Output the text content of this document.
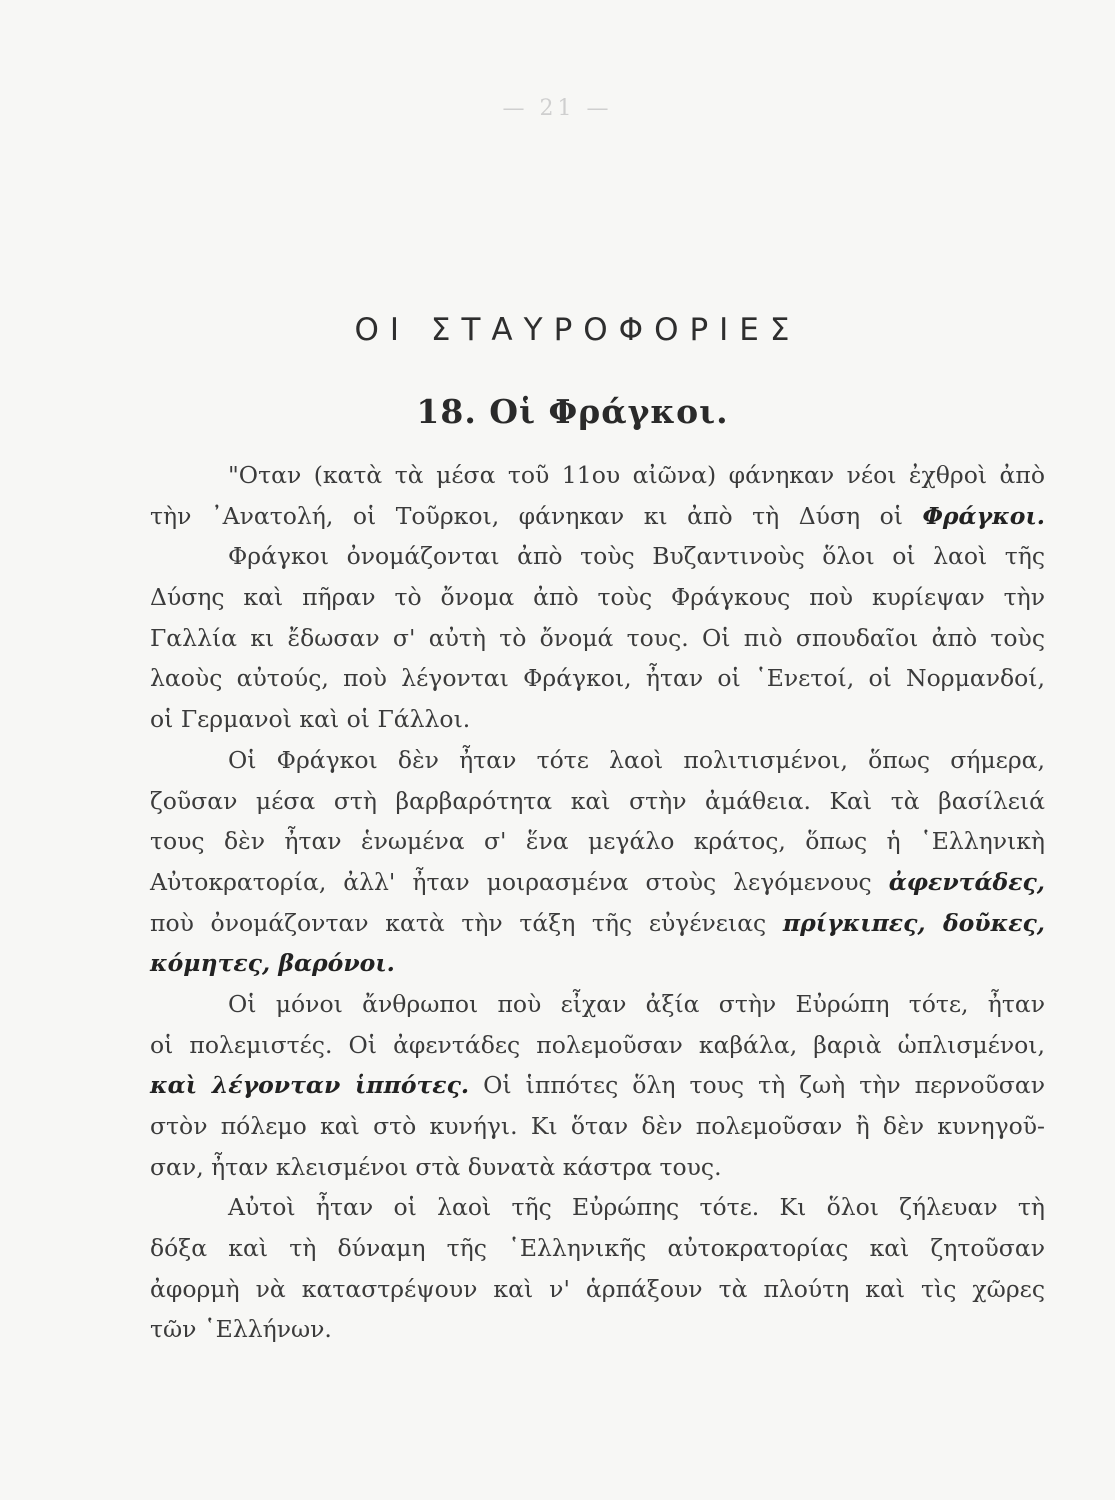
— 21 —
ΟΙ ΣΤΑΥΡΟΦΟΡΙΕΣ
18. Οἱ Φράγκοι.
"Οταν (κατὰ τὰ μέσα τοῦ 11ου αἰῶνα) φάνηκαν νέοι ἐχθροὶ ἀπὸ
τὴν ᾿Ανατολή, οἱ Τοῦρκοι, φάνηκαν κι ἀπὸ τὴ Δύση οἱ Φράγκοι.
Φράγκοι ὀνομάζονται ἀπὸ τοὺς Βυζαντινοὺς ὅλοι οἱ λαοὶ τῆς
Δύσης καὶ πῆραν τὸ ὄνομα ἀπὸ τοὺς Φράγκους ποὺ κυρίεψαν τὴν
Γαλλία κι ἔδωσαν σ' αὐτὴ τὸ ὄνομά τους. Οἱ πιὸ σπουδαῖοι ἀπὸ τοὺς
λαοὺς αὐτούς, ποὺ λέγονται Φράγκοι, ἦταν οἱ ῾Ενετοί, οἱ Νορμανδοί,
οἱ Γερμανοὶ καὶ οἱ Γάλλοι.
Οἱ Φράγκοι δὲν ἦταν τότε λαοὶ πολιτισμένοι, ὅπως σήμερα,
ζοῦσαν μέσα στὴ βαρβαρότητα καὶ στὴν ἀμάθεια. Καὶ τὰ βασίλειά
τους δὲν ἦταν ἑνωμένα σ' ἕνα μεγάλο κράτος, ὅπως ἡ ῾Ελληνικὴ
Αὐτοκρατορία, ἀλλ' ἦταν μοιρασμένα στοὺς λεγόμενους ἀφεντάδες,
ποὺ ὀνομάζονταν κατὰ τὴν τάξη τῆς εὐγένειας πρίγκιπες, δοῦκες,
κόμητες, βαρόνοι.
Οἱ μόνοι ἄνθρωποι ποὺ εἶχαν ἀξία στὴν Εὐρώπη τότε, ἦταν
οἱ πολεμιστές. Οἱ ἀφεντάδες πολεμοῦσαν καβάλα, βαριὰ ὡπλισμένοι,
καὶ λέγονταν ἱππότες. Οἱ ἱππότες ὅλη τους τὴ ζωὴ τὴν περνοῦσαν
στὸν πόλεμο καὶ στὸ κυνήγι. Κι ὅταν δὲν πολεμοῦσαν ἢ δὲν κυνηγοῦ-
σαν, ἦταν κλεισμένοι στὰ δυνατὰ κάστρα τους.
Αὐτοὶ ἦταν οἱ λαοὶ τῆς Εὐρώπης τότε. Κι ὅλοι ζήλευαν τὴ
δόξα καὶ τὴ δύναμη τῆς ῾Ελληνικῆς αὐτοκρατορίας καὶ ζητοῦσαν
ἀφορμὴ νὰ καταστρέψουν καὶ ν' ἁρπάξουν τὰ πλούτη καὶ τὶς χῶρες
τῶν ῾Ελλήνων.
